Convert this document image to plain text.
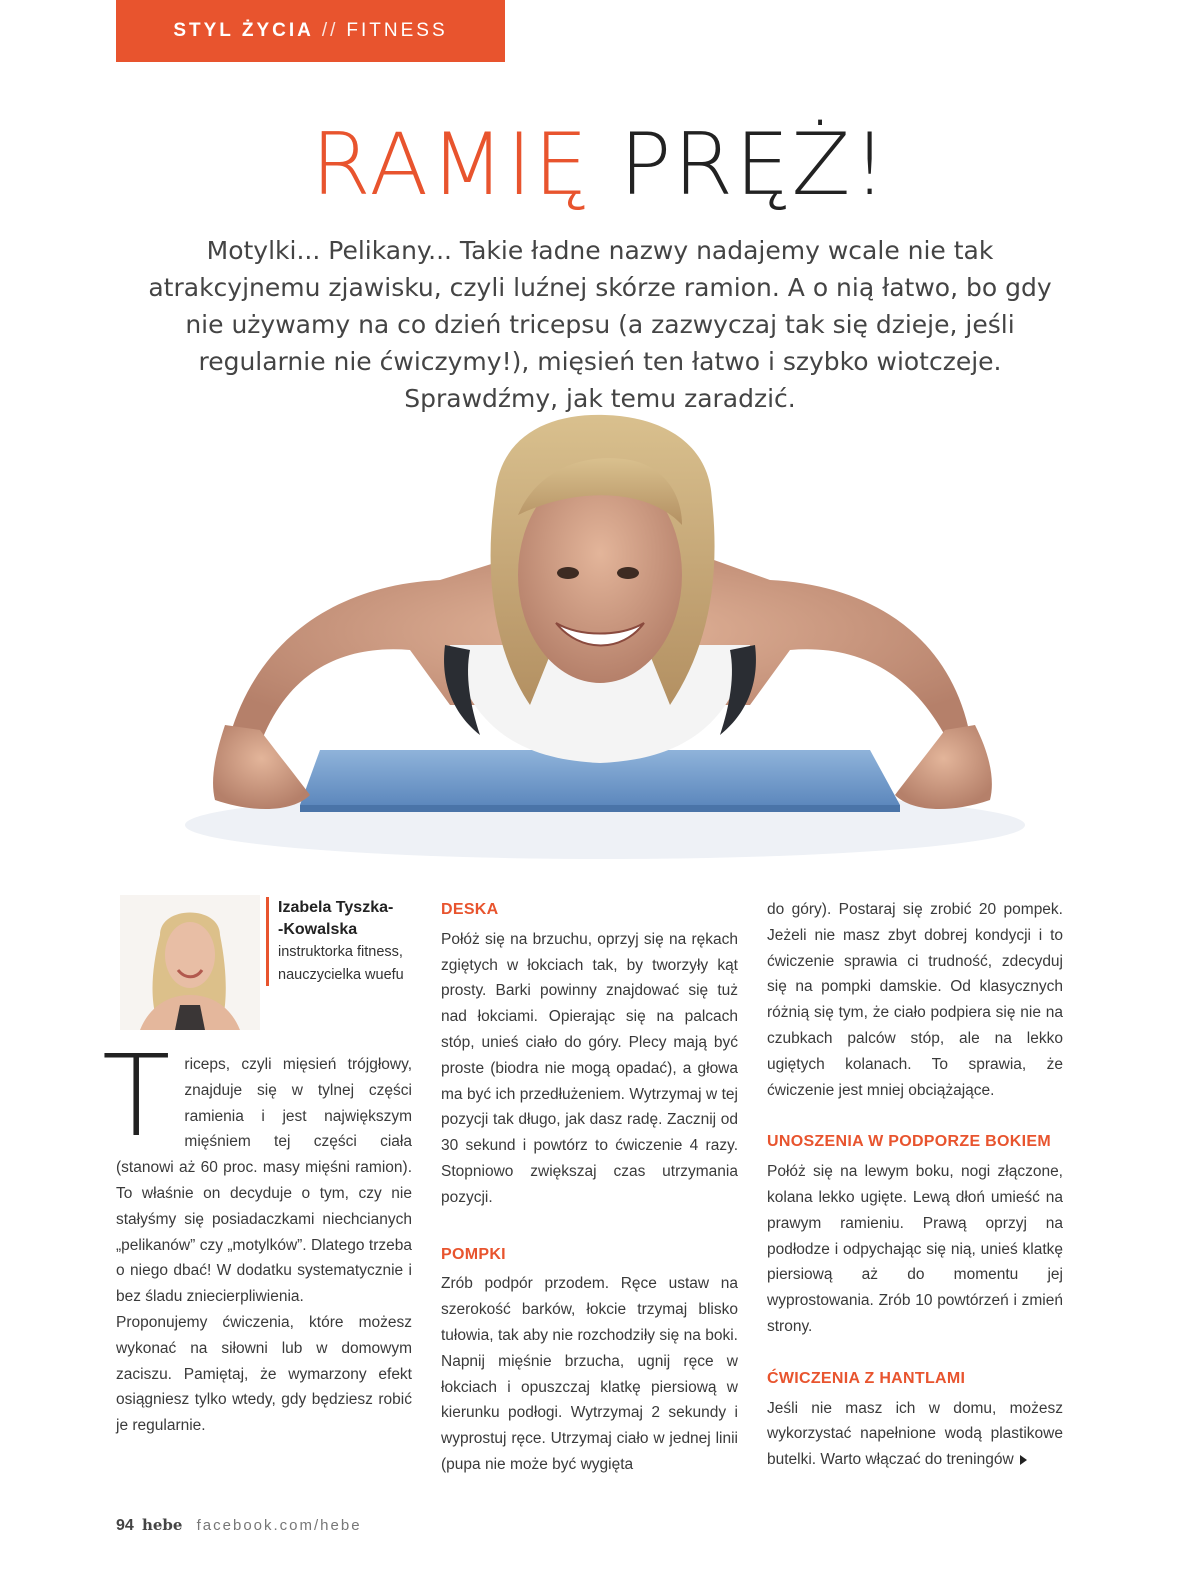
STYL ŻYCIA // FITNESS
RAMIĘ PRĘŻ!
Motylki... Pelikany... Takie ładne nazwy nadajemy wcale nie tak atrakcyjnemu zjawisku, czyli luźnej skórze ramion. A o nią łatwo, bo gdy nie używamy na co dzień tricepsu (a zazwyczaj tak się dzieje, jeśli regularnie nie ćwiczymy!), mięsień ten łatwo i szybko wiotczeje. Sprawdźmy, jak temu zaradzić.
Izabela Tyszka-
-Kowalska
instruktorka fitness, nauczycielka wuefu

Triceps, czyli mięsień trójgłowy, znajduje się w tylnej części ramienia i jest największym mięśniem tej części ciała (stanowi aż 60 proc. masy mięśni ramion). To właśnie on decyduje o tym, czy nie stałyśmy się posiadaczkami niechcianych „pelikanów” czy „motylków”. Dlatego trzeba o niego dbać! W dodatku systematycznie i bez śladu zniecierpliwienia.

Proponujemy ćwiczenia, które możesz wykonać na siłowni lub w domowym zaciszu. Pamiętaj, że wymarzony efekt osiągniesz tylko wtedy, gdy będziesz robić je regularnie.

DESKA

Połóż się na brzuchu, oprzyj się na rękach zgiętych w łokciach tak, by tworzyły kąt prosty. Barki powinny znajdować się tuż nad łokciami. Opierając się na palcach stóp, unieś ciało do góry. Plecy mają być proste (biodra nie mogą opadać), a głowa ma być ich przedłużeniem. Wytrzymaj w tej pozycji tak długo, jak dasz radę. Zacznij od 30 sekund i powtórz to ćwiczenie 4 razy. Stopniowo zwiększaj czas utrzymania pozycji.

POMPKI

Zrób podpór przodem. Ręce ustaw na szerokość barków, łokcie trzymaj blisko tułowia, tak aby nie rozchodziły się na boki. Napnij mięśnie brzucha, ugnij ręce w łokciach i opuszczaj klatkę piersiową w kierunku podłogi. Wytrzymaj 2 sekundy i wyprostuj ręce. Utrzymaj ciało w jednej linii (pupa nie może być wygięta

do góry). Postaraj się zrobić 20 pompek. Jeżeli nie masz zbyt dobrej kondycji i to ćwiczenie sprawia ci trudność, zdecyduj się na pompki damskie. Od klasycznych różnią się tym, że ciało podpiera się nie na czubkach palców stóp, ale na lekko ugiętych kolanach. To sprawia, że ćwiczenie jest mniej obciążające.

UNOSZENIA W PODPORZE BOKIEM

Połóż się na lewym boku, nogi złączone, kolana lekko ugięte. Lewą dłoń umieść na prawym ramieniu. Prawą oprzyj na podłodze i odpychając się nią, unieś klatkę piersiową aż do momentu jej wyprostowania. Zrób 10 powtórzeń i zmień strony.

ĆWICZENIA Z HANTLAMI

Jeśli nie masz ich w domu, możesz wykorzystać napełnione wodą plastikowe butelki. Warto włączać do treningów

94 hebe facebook.com/hebe
